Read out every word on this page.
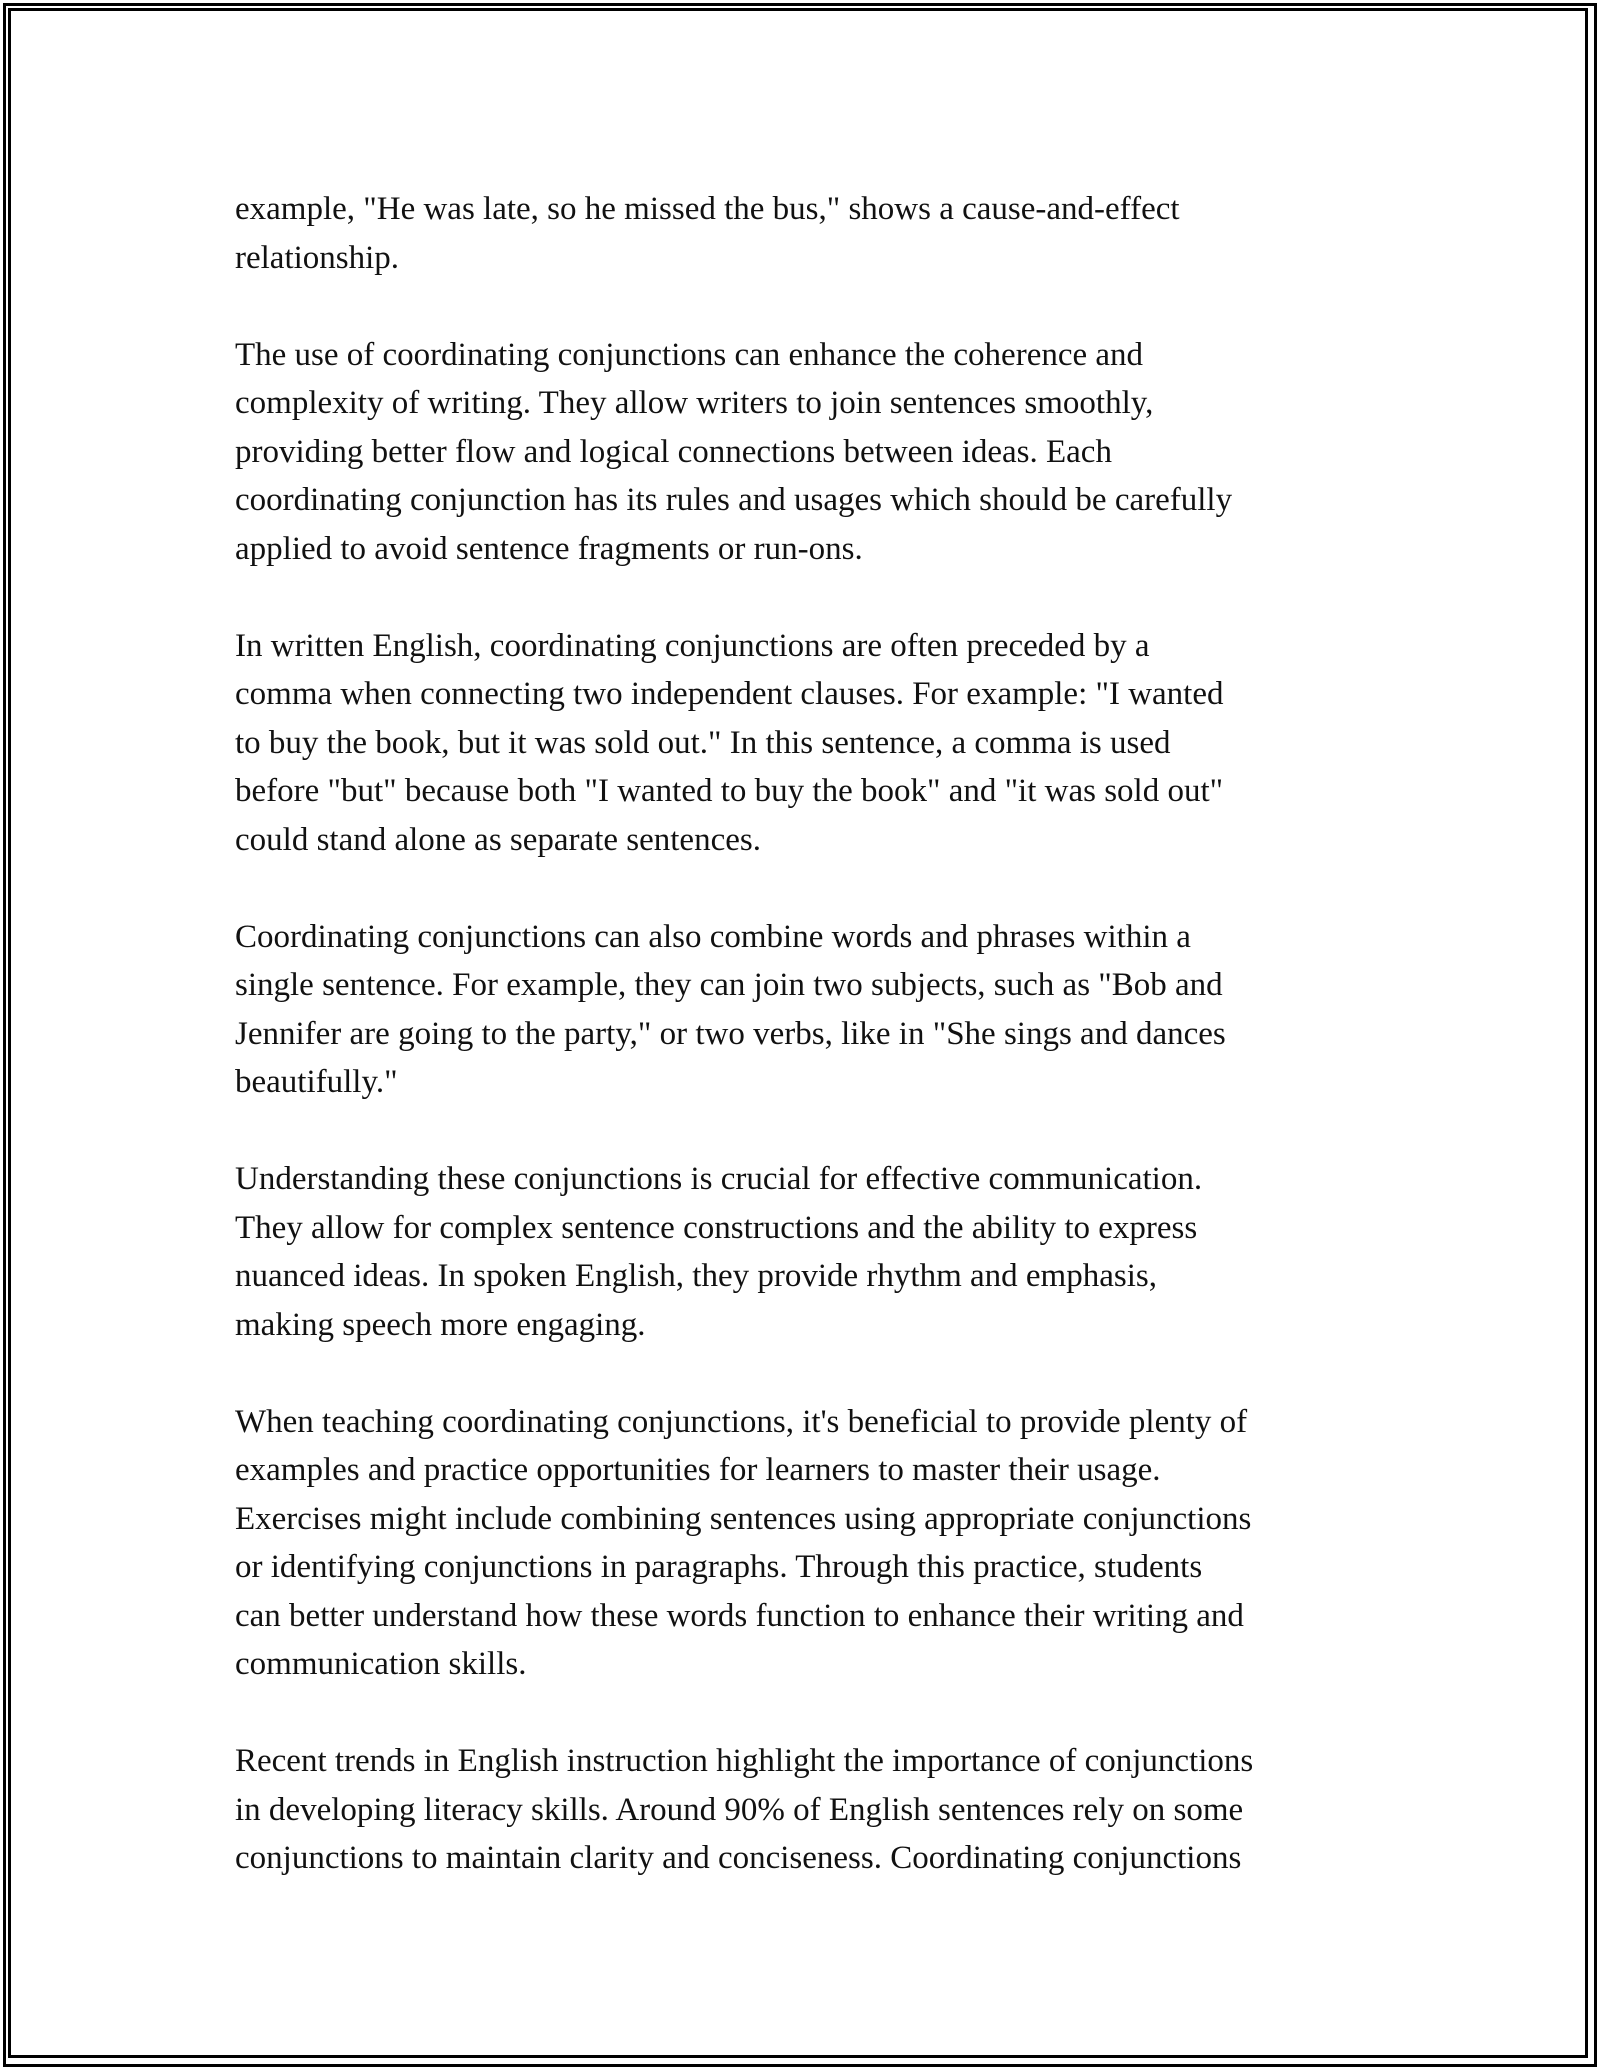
example, "He was late, so he missed the bus," shows a cause-and-effect
relationship.

The use of coordinating conjunctions can enhance the coherence and
complexity of writing. They allow writers to join sentences smoothly,
providing better flow and logical connections between ideas. Each
coordinating conjunction has its rules and usages which should be carefully
applied to avoid sentence fragments or run-ons.

In written English, coordinating conjunctions are often preceded by a
comma when connecting two independent clauses. For example: "I wanted
to buy the book, but it was sold out." In this sentence, a comma is used
before "but" because both "I wanted to buy the book" and "it was sold out"
could stand alone as separate sentences.

Coordinating conjunctions can also combine words and phrases within a
single sentence. For example, they can join two subjects, such as "Bob and
Jennifer are going to the party," or two verbs, like in "She sings and dances
beautifully."

Understanding these conjunctions is crucial for effective communication.
They allow for complex sentence constructions and the ability to express
nuanced ideas. In spoken English, they provide rhythm and emphasis,
making speech more engaging.

When teaching coordinating conjunctions, it's beneficial to provide plenty of
examples and practice opportunities for learners to master their usage.
Exercises might include combining sentences using appropriate conjunctions
or identifying conjunctions in paragraphs. Through this practice, students
can better understand how these words function to enhance their writing and
communication skills.

Recent trends in English instruction highlight the importance of conjunctions
in developing literacy skills. Around 90% of English sentences rely on some
conjunctions to maintain clarity and conciseness. Coordinating conjunctions
